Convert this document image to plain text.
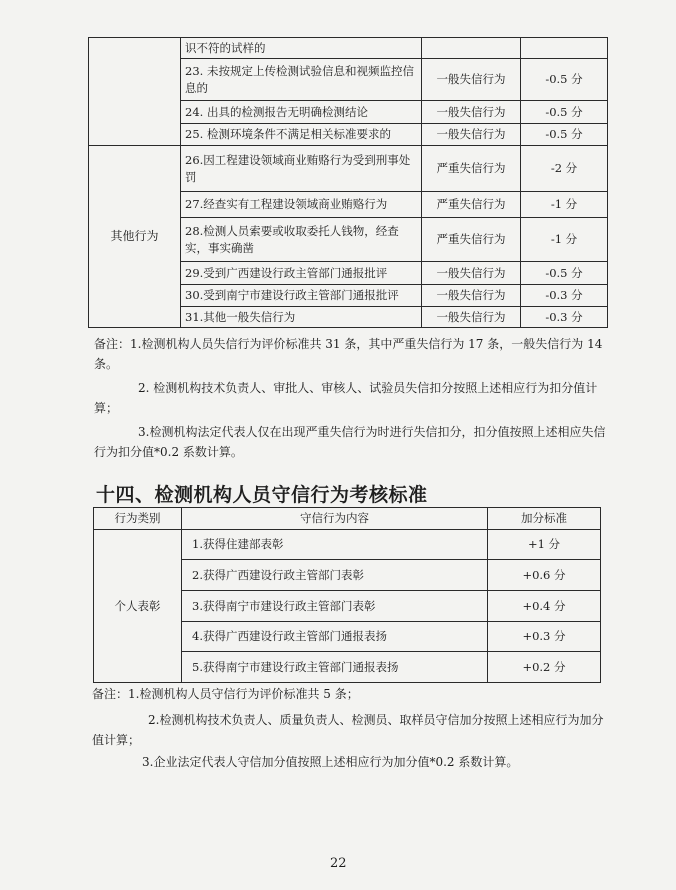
	识不符的试样的		
	23. 未按规定上传检测试验信息和视频监控信息的	一般失信行为	-0.5 分
	24. 出具的检测报告无明确检测结论	一般失信行为	-0.5 分
	25. 检测环境条件不满足相关标准要求的	一般失信行为	-0.5 分
其他行为	26.因工程建设领域商业贿赂行为受到刑事处罚	严重失信行为	-2 分
	27.经查实有工程建设领域商业贿赂行为	严重失信行为	-1 分
	28.检测人员索要或收取委托人钱物，经查实，事实确凿	严重失信行为	-1 分
	29.受到广西建设行政主管部门通报批评	一般失信行为	-0.5 分
	30.受到南宁市建设行政主管部门通报批评	一般失信行为	-0.3 分
	31.其他一般失信行为	一般失信行为	-0.3 分

备注：1.检测机构人员失信行为评价标准共 31 条，其中严重失信行为 17 条，一般失信行为 14 条。

2. 检测机构技术负责人、审批人、审核人、试验员失信扣分按照上述相应行为扣分值计算；

3.检测机构法定代表人仅在出现严重失信行为时进行失信扣分，扣分值按照上述相应失信行为扣分值*0.2 系数计算。

十四、检测机构人员守信行为考核标准
行为类别	守信行为内容	加分标准
个人表彰	1.获得住建部表彰	+1 分
	2.获得广西建设行政主管部门表彰	+0.6 分
	3.获得南宁市建设行政主管部门表彰	+0.4 分
	4.获得广西建设行政主管部门通报表扬	+0.3 分
	5.获得南宁市建设行政主管部门通报表扬	+0.2 分

备注：1.检测机构人员守信行为评价标准共 5 条；

2.检测机构技术负责人、质量负责人、检测员、取样员守信加分按照上述相应行为加分值计算；

3.企业法定代表人守信加分值按照上述相应行为加分值*0.2 系数计算。

22
